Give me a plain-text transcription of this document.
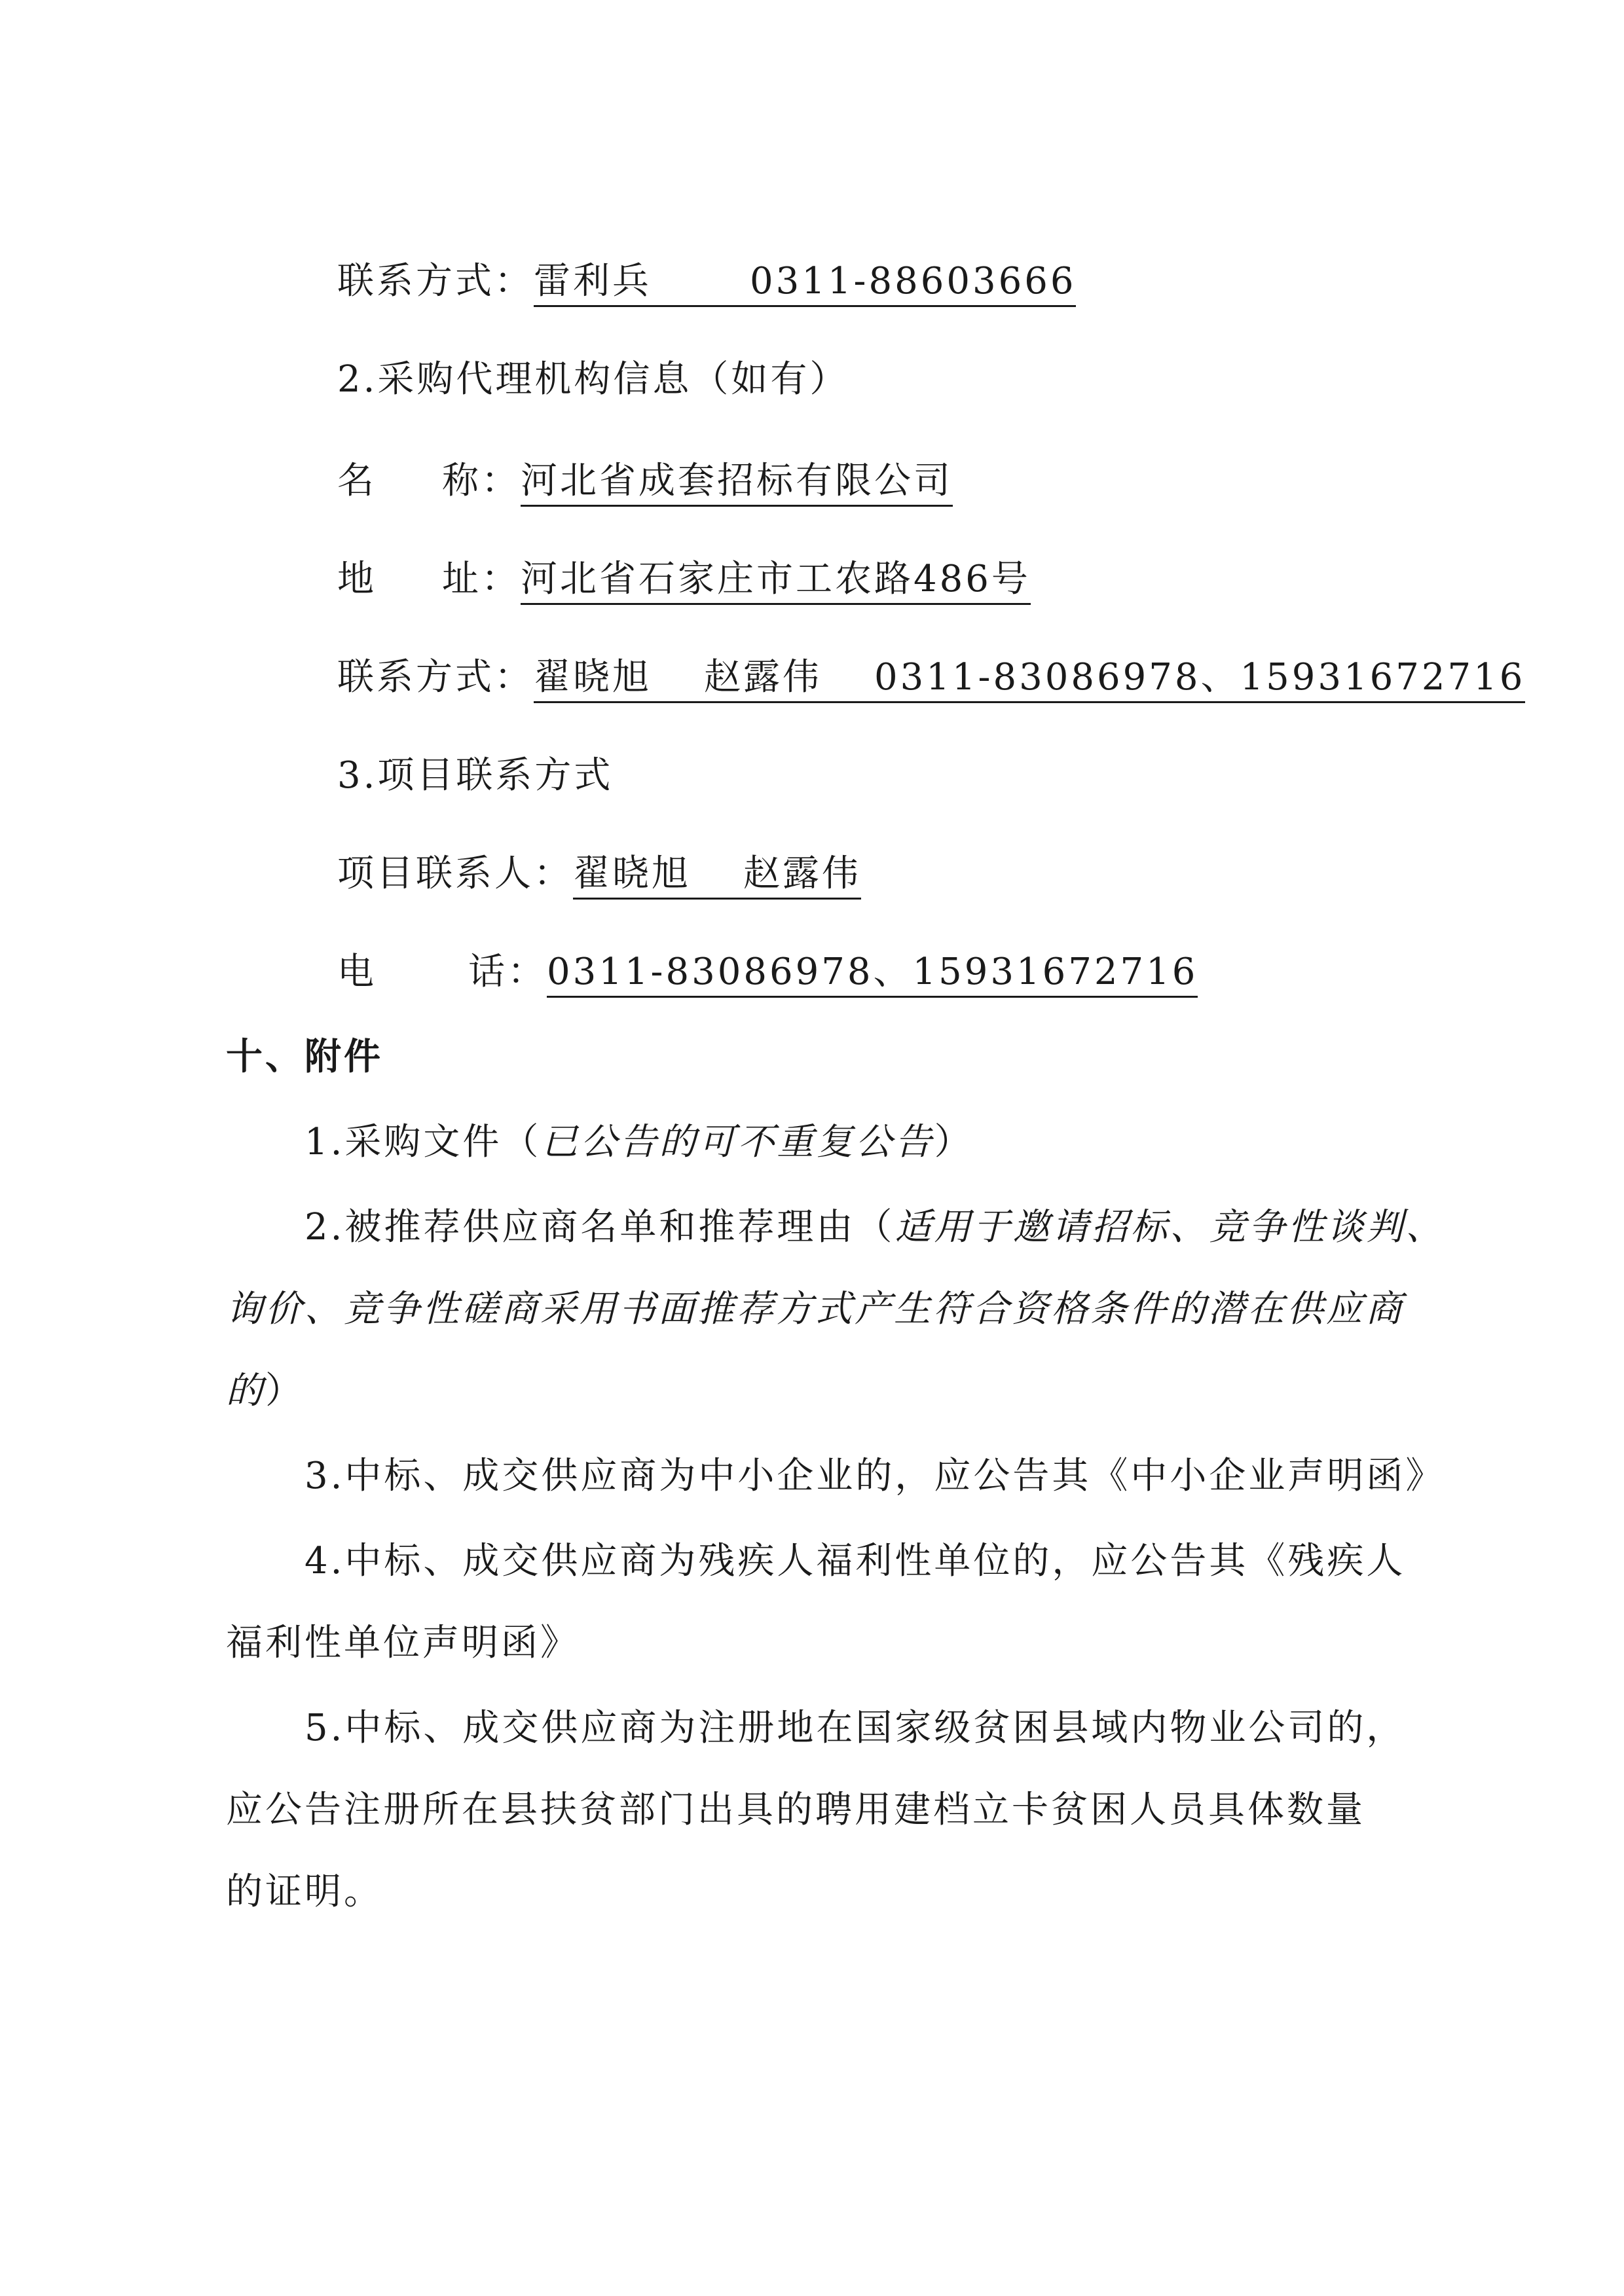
联系方式：雷利兵	0311-88603666
2.采购代理机构信息（如有）
名 称：河北省成套招标有限公司
地 址：河北省石家庄市工农路486号
联系方式：翟晓旭 赵露伟 0311-83086978、15931672716
3.项目联系方式
项目联系人：翟晓旭 赵露伟
电	话：0311-83086978、15931672716
十、附件
1.采购文件（已公告的可不重复公告）
2.被推荐供应商名单和推荐理由（适用于邀请招标、竞争性谈判、
询价、竞争性磋商采用书面推荐方式产生符合资格条件的潜在供应商
的）
3.中标、成交供应商为中小企业的，应公告其《中小企业声明函》
4.中标、成交供应商为残疾人福利性单位的，应公告其《残疾人
福利性单位声明函》
5.中标、成交供应商为注册地在国家级贫困县域内物业公司的，
应公告注册所在县扶贫部门出具的聘用建档立卡贫困人员具体数量
的证明。
